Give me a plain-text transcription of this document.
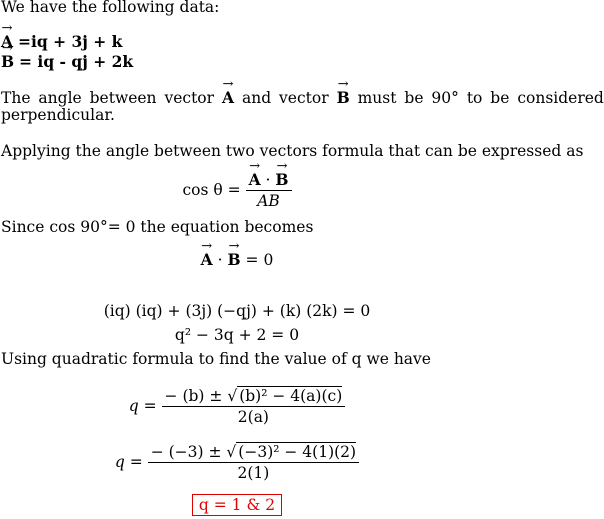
We have the following data:
→ A =iq + 3j + k
→ B = iq - qj + 2k
The angle between vector → A and vector → B must be 90° to be considered
perpendicular.
Applying the angle between two vectors formula that can be expressed as
cos θ = → $\frac{A \cdot \to B}{AB}$
Since cos 90°= 0 the equation becomes
→ A · → B = 0
(iq) (iq) + (3j) (−qj) + (k) (2k) = 0
q² − 3q + 2 = 0
Using quadratic formula to find the value of q we have
$q = \frac{\text{− (b) ± √ (b)² − 4(a)(c)}}{2(a)}$
$q = \frac{\text{− (−3) ± √ (−3)² − 4(1)(2)}}{2(1)}$
q = 1 & 2
